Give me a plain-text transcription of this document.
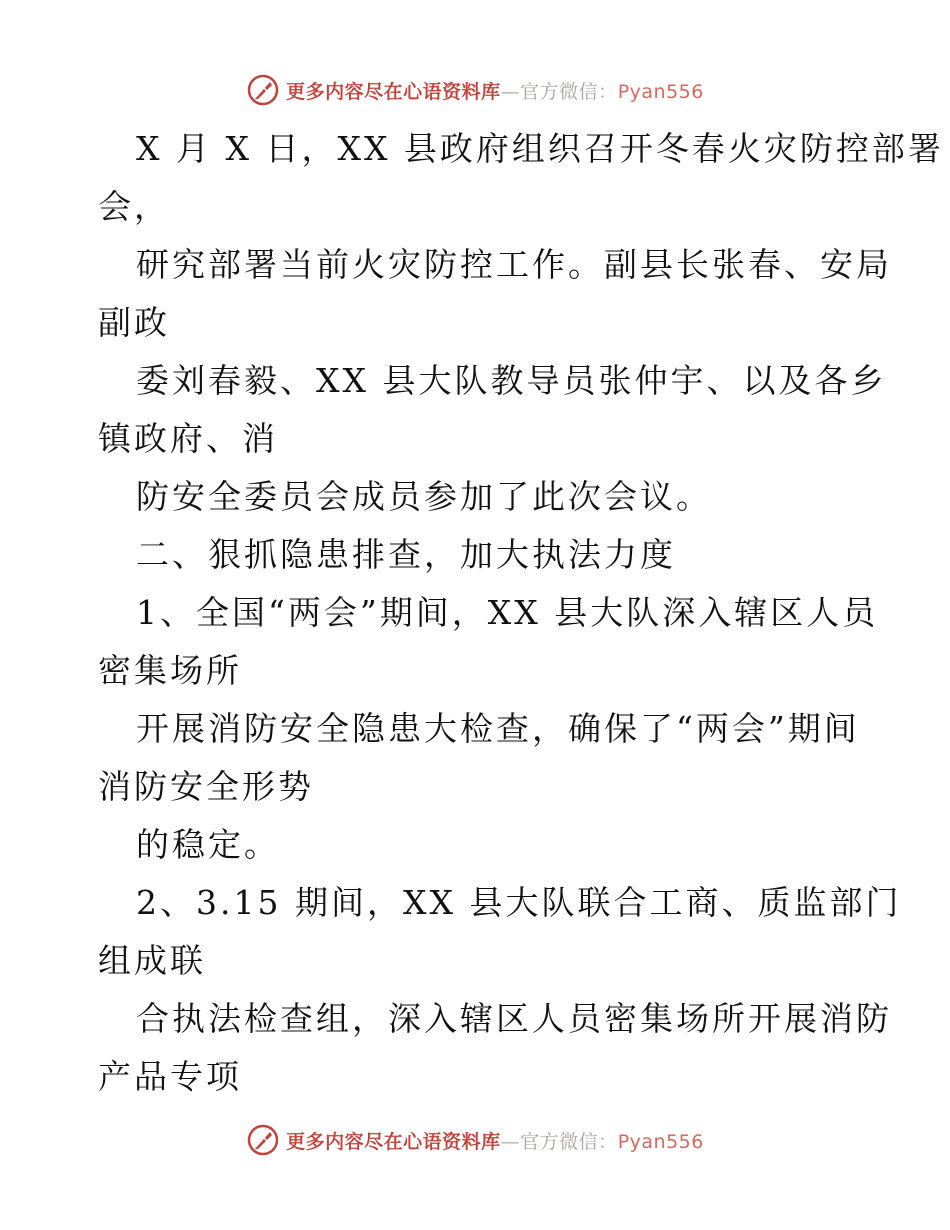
更多内容尽在心语资料库—官方微信：Pyan556
X 月 X 日，XX 县政府组织召开冬春火灾防控部署
会，
研究部署当前火灾防控工作。副县长张春、安局
副政
委刘春毅、XX 县大队教导员张仲宇、以及各乡
镇政府、消
防安全委员会成员参加了此次会议。
二、狠抓隐患排查，加大执法力度
1、全国“两会”期间，XX 县大队深入辖区人员
密集场所
开展消防安全隐患大检查，确保了“两会”期间
消防安全形势
的稳定。
2、3.15 期间，XX 县大队联合工商、质监部门
组成联
合执法检查组，深入辖区人员密集场所开展消防
产品专项
更多内容尽在心语资料库—官方微信：Pyan556
